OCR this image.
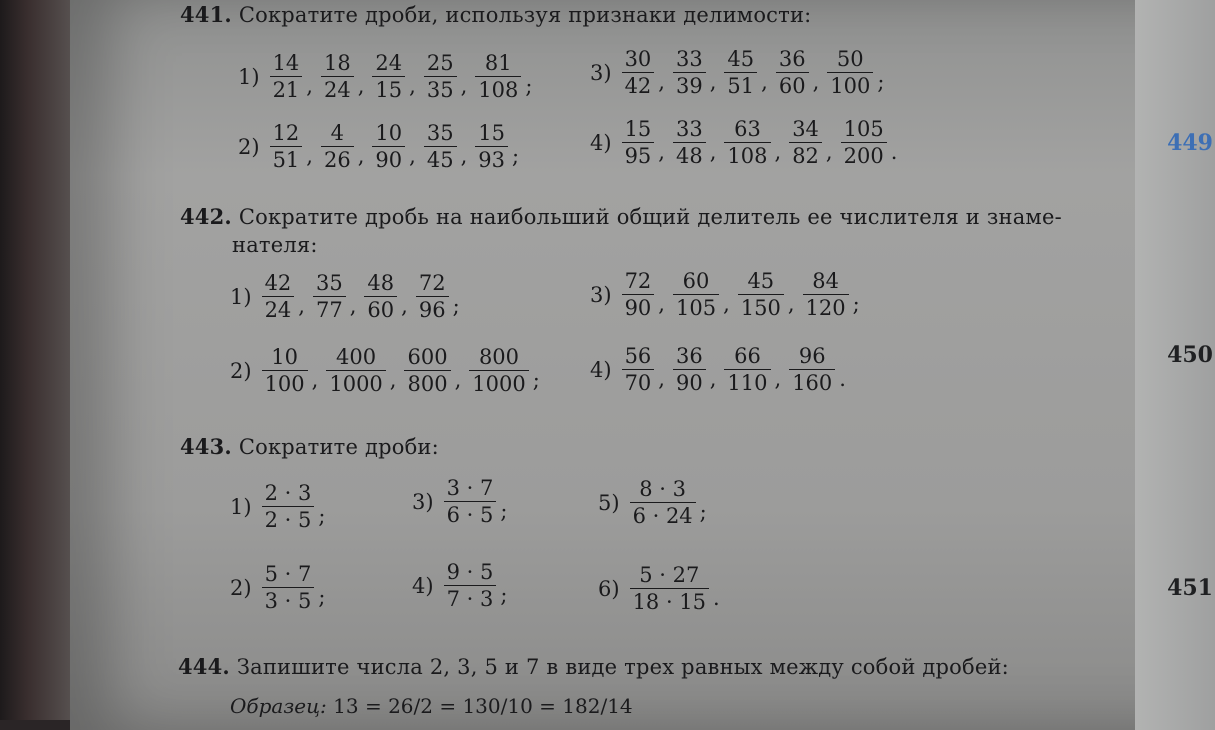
449
450
451
441. Сократите дроби, используя признаки делимости:
$1) \frac{14}{21}$ , $\frac{18}{24}$ , $\frac{24}{15}$ , $\frac{25}{35}$ , $\frac{81}{108}$ ;
$2) \frac{12}{51}$ , $\frac{4}{26}$ , $\frac{10}{90}$ , $\frac{35}{45}$ , $\frac{15}{93}$ ;
$3) \frac{30}{42}$ , $\frac{33}{39}$ , $\frac{45}{51}$ , $\frac{36}{60}$ , $\frac{50}{100}$ ;
$4) \frac{15}{95}$ , $\frac{33}{48}$ , $\frac{63}{108}$ , $\frac{34}{82}$ , $\frac{105}{200}$ .
442. Сократите дробь на наибольший общий делитель ее числителя и знаме-
нателя:
$1) \frac{42}{24}$ , $\frac{35}{77}$ , $\frac{48}{60}$ , $\frac{72}{96}$ ;
$2) \frac{10}{100}$ , $\frac{400}{1000}$ , $\frac{600}{800}$ , $\frac{800}{1000}$ ;
$3) \frac{72}{90}$ , $\frac{60}{105}$ , $\frac{45}{150}$ , $\frac{84}{120}$ ;
$4) \frac{56}{70}$ , $\frac{36}{90}$ , $\frac{66}{110}$ , $\frac{96}{160}$ .
443. Сократите дроби:
$1) \frac{2 \cdot 3}{2 \cdot 5}$ ;
$2) \frac{5 \cdot 7}{3 \cdot 5}$ ;
$3) \frac{3 \cdot 7}{6 \cdot 5}$ ;
$4) \frac{9 \cdot 5}{7 \cdot 3}$ ;
$5) \frac{8 \cdot 3}{6 \cdot 24}$ ;
$6) \frac{5 \cdot 27}{18 \cdot 15}$ .
444. Запишите числа 2, 3, 5 и 7 в виде трех равных между собой дробей:
Образец: 13 = 26/2 = 130/10 = 182/14
